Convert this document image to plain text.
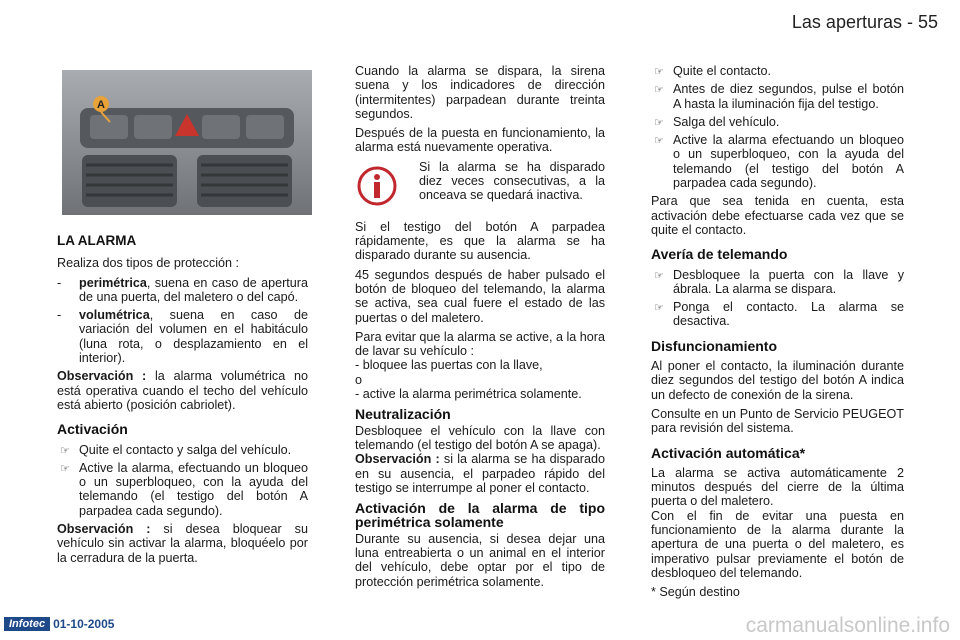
Las aperturas - 55
A
LA ALARMA

Realiza dos tipos de protección :

- perimétrica, suena en caso de apertura de una puerta, del maletero o del capó.
- volumétrica, suena en caso de variación del volumen en el habitáculo (luna rota, o desplazamiento en el interior).

Observación : la alarma volumétrica no está operativa cuando el techo del vehículo está abierto (posición cabriolet).

Activación
☞ Quite el contacto y salga del vehículo.
☞ Active la alarma, efectuando un bloqueo o un superbloqueo, con la ayuda del telemando (el testigo del botón A parpadea cada segundo).

Observación : si desea bloquear su vehículo sin activar la alarma, bloquéelo por la cerradura de la puerta.

Cuando la alarma se dispara, la sirena suena y los indicadores de dirección (intermitentes) parpadean durante treinta segundos.

Después de la puesta en funcionamiento, la alarma está nuevamente operativa.

Si la alarma se ha disparado diez veces consecutivas, a la onceava se quedará inactiva.

Si el testigo del botón A parpadea rápidamente, es que la alarma se ha disparado durante su ausencia.

45 segundos después de haber pulsado el botón de bloqueo del telemando, la alarma se activa, sea cual fuere el estado de las puertas o del maletero.

Para evitar que la alarma se active, a la hora de lavar su vehículo :

- bloquee las puertas con la llave,

o

- active la alarma perimétrica solamente.

Neutralización

Desbloquee el vehículo con la llave con telemando (el testigo del botón A se apaga).

Observación : si la alarma se ha disparado en su ausencia, el parpadeo rápido del testigo se interrumpe al poner el contacto.

Activación de la alarma de tipo perimétrica solamente

Durante su ausencia, si desea dejar una luna entreabierta o un animal en el interior del vehículo, debe optar por el tipo de protección perimétrica solamente.

☞ Quite el contacto.
☞ Antes de diez segundos, pulse el botón A hasta la iluminación fija del testigo.
☞ Salga del vehículo.
☞ Active la alarma efectuando un bloqueo o un superbloqueo, con la ayuda del telemando (el testigo del botón A parpadea cada segundo).

Para que sea tenida en cuenta, esta activación debe efectuarse cada vez que se quite el contacto.

Avería de telemando
☞ Desbloquee la puerta con la llave y ábrala. La alarma se dispara.
☞ Ponga el contacto. La alarma se desactiva.
Disfuncionamiento

Al poner el contacto, la iluminación durante diez segundos del testigo del botón A indica un defecto de conexión de la sirena.

Consulte en un Punto de Servicio PEUGEOT para revisión del sistema.

Activación automática*

La alarma se activa automáticamente 2 minutos después del cierre de la última puerta o del maletero.

Con el fin de evitar una puesta en funcionamiento de la alarma durante la apertura de una puerta o del maletero, es imperativo pulsar previamente el botón de desbloqueo del telemando.

* Según destino

Infotec 01-10-2005	carmanualsonline.info
